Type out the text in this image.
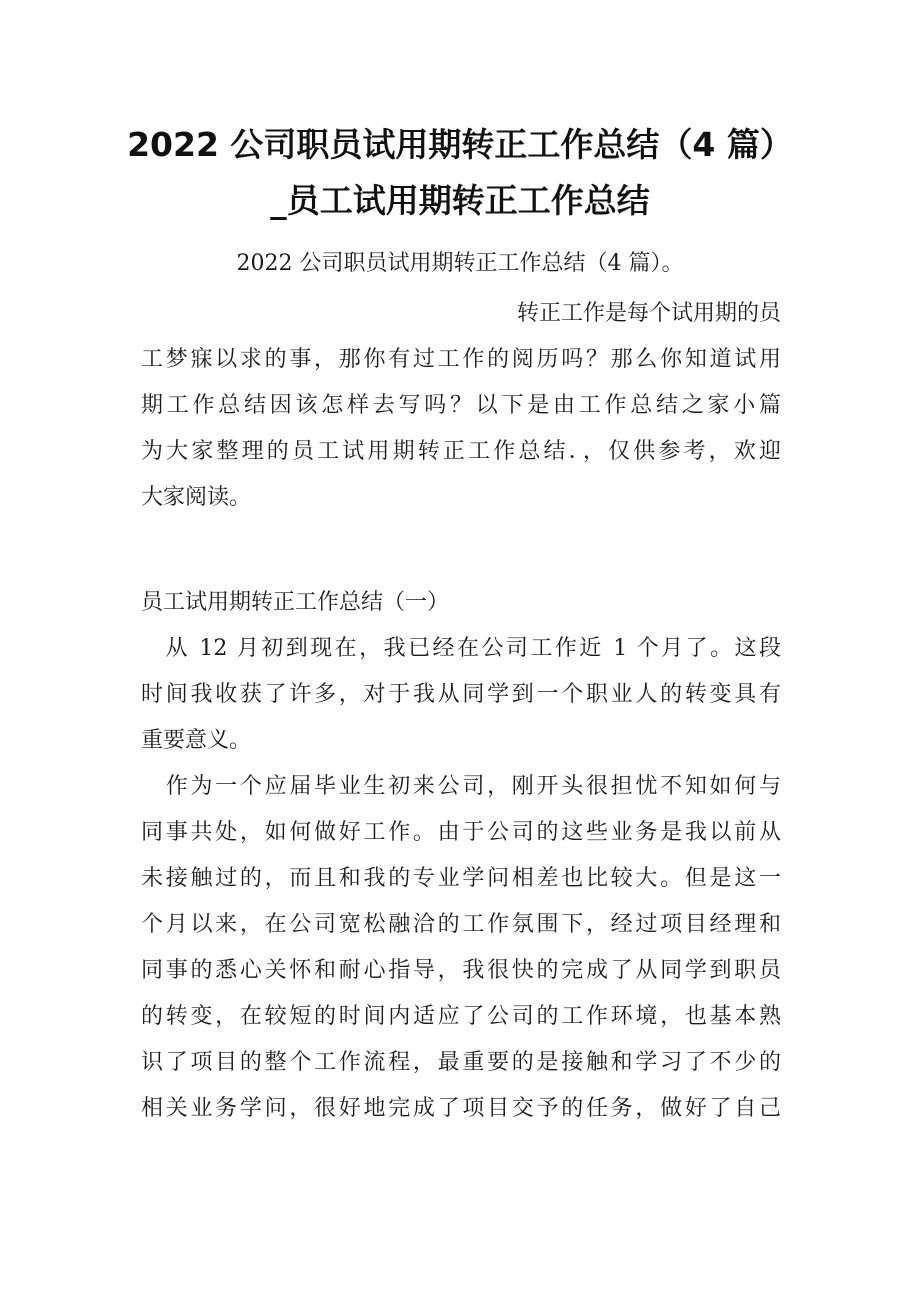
2022 公司职员试用期转正工作总结（4 篇）
_员工试用期转正工作总结
2022 公司职员试用期转正工作总结（4 篇）。
转正工作是每个试用期的员
工梦寐以求的事，那你有过工作的阅历吗？那么你知道试用
期工作总结因该怎样去写吗？以下是由工作总结之家小篇
为大家整理的员工试用期转正工作总结．，仅供参考，欢迎
大家阅读。
员工试用期转正工作总结（一）
　从 12 月初到现在，我已经在公司工作近 1 个月了。这段
时间我收获了许多，对于我从同学到一个职业人的转变具有
重要意义。
　作为一个应届毕业生初来公司，刚开头很担忧不知如何与
同事共处，如何做好工作。由于公司的这些业务是我以前从
未接触过的，而且和我的专业学问相差也比较大。但是这一
个月以来，在公司宽松融洽的工作氛围下，经过项目经理和
同事的悉心关怀和耐心指导，我很快的完成了从同学到职员
的转变，在较短的时间内适应了公司的工作环境，也基本熟
识了项目的整个工作流程，最重要的是接触和学习了不少的
相关业务学问，很好地完成了项目交予的任务，做好了自己
